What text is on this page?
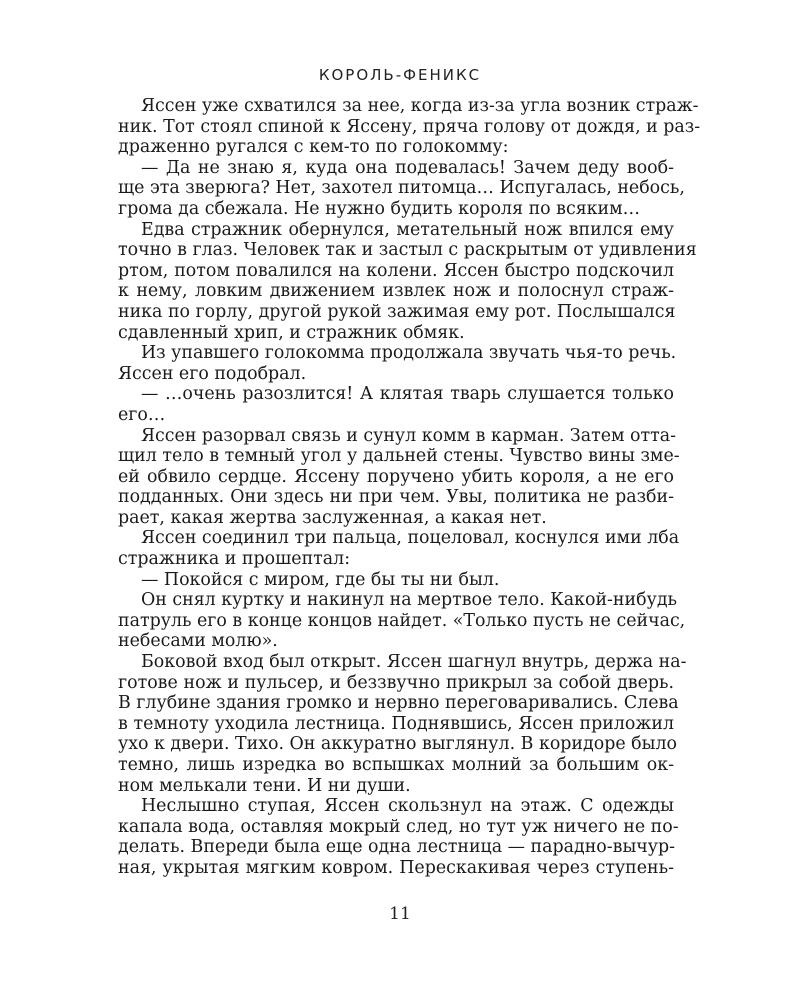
КОРОЛЬ-ФЕНИКС
Яссен уже схватился за нее, когда из-за угла возник страж-
ник. Тот стоял спиной к Яссену, пряча голову от дождя, и раз-
драженно ругался с кем-то по голокомму:
— Да не знаю я, куда она подевалась! Зачем деду вооб-
ще эта зверюга? Нет, захотел питомца… Испугалась, небось,
грома да сбежала. Не нужно будить короля по всяким…
Едва стражник обернулся, метательный нож впился ему
точно в глаз. Человек так и застыл с раскрытым от удивления
ртом, потом повалился на колени. Яссен быстро подскочил
к нему, ловким движением извлек нож и полоснул страж-
ника по горлу, другой рукой зажимая ему рот. Послышался
сдавленный хрип, и стражник обмяк.
Из упавшего голокомма продолжала звучать чья-то речь.
Яссен его подобрал.
— …очень разозлится! А клятая тварь слушается только
его…
Яссен разорвал связь и сунул комм в карман. Затем отта-
щил тело в темный угол у дальней стены. Чувство вины зме-
ей обвило сердце. Яссену поручено убить короля, а не его
подданных. Они здесь ни при чем. Увы, политика не разби-
рает, какая жертва заслуженная, а какая нет.
Яссен соединил три пальца, поцеловал, коснулся ими лба
стражника и прошептал:
— Покойся с миром, где бы ты ни был.
Он снял куртку и накинул на мертвое тело. Какой-нибудь
патруль его в конце концов найдет. «Только пусть не сейчас,
небесами молю».
Боковой вход был открыт. Яссен шагнул внутрь, держа на-
готове нож и пульсер, и беззвучно прикрыл за собой дверь.
В глубине здания громко и нервно переговаривались. Слева
в темноту уходила лестница. Поднявшись, Яссен приложил
ухо к двери. Тихо. Он аккуратно выглянул. В коридоре было
темно, лишь изредка во вспышках молний за большим ок-
ном мелькали тени. И ни души.
Неслышно ступая, Яссен скользнул на этаж. С одежды
капала вода, оставляя мокрый след, но тут уж ничего не по-
делать. Впереди была еще одна лестница — парадно-вычур-
ная, укрытая мягким ковром. Перескакивая через ступень-
11
